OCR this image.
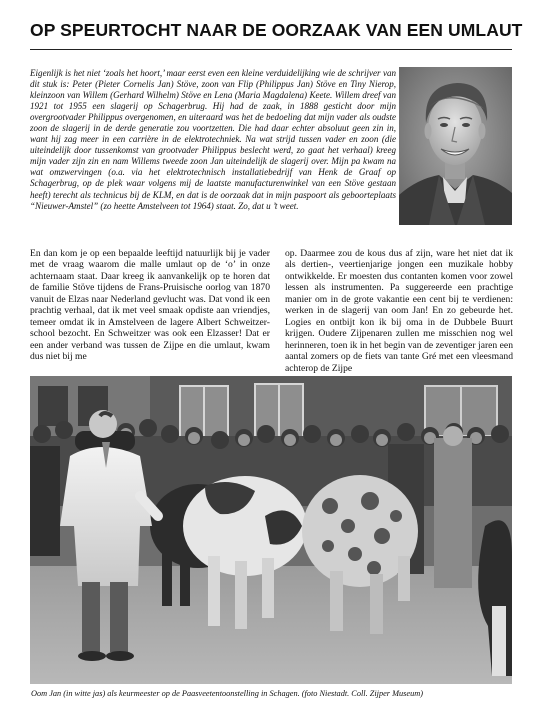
OP SPEURTOCHT NAAR DE OORZAAK VAN EEN UMLAUT

Eigenlijk is het niet ‘zoals het hoort,’ maar eerst even een kleine verduidelijking wie de schrijver van dit stuk is: Peter (Pieter Cornelis Jan) Stöve, zoon van Flip (Philippus Jan) Stöve en Tiny Nierop, kleinzoon van Willem (Gerhard Wilhelm) Stöve en Lena (Maria Magdalena) Keete. Willem dreef van 1921 tot 1955 een slagerij op Schagerbrug. Hij had de zaak, in 1888 gesticht door mijn overgrootvader Philippus overgenomen, en uiteraard was het de bedoeling dat mijn vader als oudste zoon de slagerij in de derde generatie zou voortzetten. Die had daar echter absoluut geen zin in, want hij zag meer in een carrière in de elektrotechniek. Na wat strijd tussen vader en zoon (die uiteindelijk door tussenkomst van grootvader Philippus beslecht werd, zo gaat het verhaal) kreeg mijn vader zijn zin en nam Willems tweede zoon Jan uiteindelijk de slagerij over. Mijn pa kwam na wat omzwervingen (o.a. via het elektrotechnisch installatiebedrijf van Henk de Graaf op Schagerbrug, op de plek waar volgens mij de laatste manufacturenwinkel van een Stöve gestaan heeft) terecht als technicus bij de KLM, en dat is de oorzaak dat in mijn paspoort als geboorteplaats “Nieuwer-Amstel” (zo heette Amstelveen tot 1964) staat. Zo, dat u ’t weet.

En dan kom je op een bepaalde leeftijd natuurlijk bij je vader met de vraag waarom die malle umlaut op de ‘o’ in onze achternaam staat. Daar kreeg ik aanvankelijk op te horen dat de familie Stöve tijdens de Frans-Pruisische oorlog van 1870 vanuit de Elzas naar Nederland gevlucht was. Dat vond ik een prachtig verhaal, dat ik met veel smaak opdiste aan vriendjes, temeer omdat ik in Amstelveen de lagere Albert Schweitzer-school bezocht. En Schweitzer was ook een Elzasser! Dat er een ander verband was tussen de Zijpe en die umlaut, kwam dus niet bij me

op. Daarmee zou de kous dus af zijn, ware het niet dat ik als dertien-, veertienjarige jongen een muzikale hobby ontwikkelde. Er moesten dus contanten komen voor zowel lessen als instrumenten. Pa suggereerde een prachtige manier om in de grote vakantie een cent bij te verdienen: werken in de slagerij van oom Jan! En zo gebeurde het. Logies en ontbijt kon ik bij oma in de Dubbele Buurt krijgen. Oudere Zijpenaren zullen me misschien nog wel herinneren, toen ik in het begin van de zeventiger jaren een aantal zomers op de fiets van tante Gré met een vleesmand achterop de Zijpe

Oom Jan (in witte jas) als keurmeester op de Paasveetentoonstelling in Schagen. (foto Niestadt. Coll. Zijper Museum)
